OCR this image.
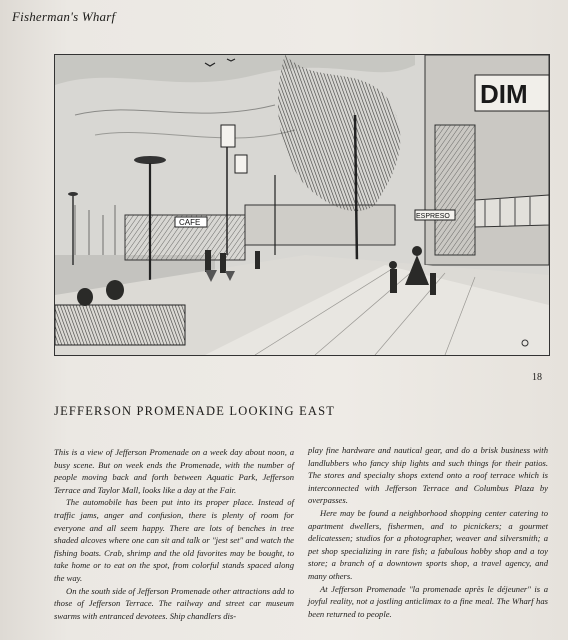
Fisherman's Wharf
CAFE
DIM
ESPRESO
18
JEFFERSON PROMENADE LOOKING EAST

This is a view of Jefferson Promenade on a week day about noon, a busy scene. But on week ends the Promenade, with the number of people moving back and forth between Aquatic Park, Jefferson Terrace and Taylor Mall, looks like a day at the Fair.

The automobile has been put into its proper place. Instead of traffic jams, anger and confusion, there is plenty of room for everyone and all seem happy. There are lots of benches in tree shaded alcoves where one can sit and talk or "jest set" and watch the fishing boats. Crab, shrimp and the old favorites may be bought, to take home or to eat on the spot, from colorful stands spaced along the way.

On the south side of Jefferson Promenade other attractions add to those of Jefferson Terrace. The railway and street car museum swarms with entranced devotees. Ship chandlers dis-

play fine hardware and nautical gear, and do a brisk business with landlubbers who fancy ship lights and such things for their patios. The stores and specialty shops extend onto a roof terrace which is interconnected with Jefferson Terrace and Columbus Plaza by overpasses.

Here may be found a neighborhood shopping center catering to apartment dwellers, fishermen, and to picnickers; a gourmet delicatessen; studios for a photographer, weaver and silversmith; a pet shop specializing in rare fish; a fabulous hobby shop and a toy store; a branch of a downtown sports shop, a travel agency, and many others.

At Jefferson Promenade "la promenade après le déjeuner" is a joyful reality, not a jostling anticlimax to a fine meal. The Wharf has been returned to people.
